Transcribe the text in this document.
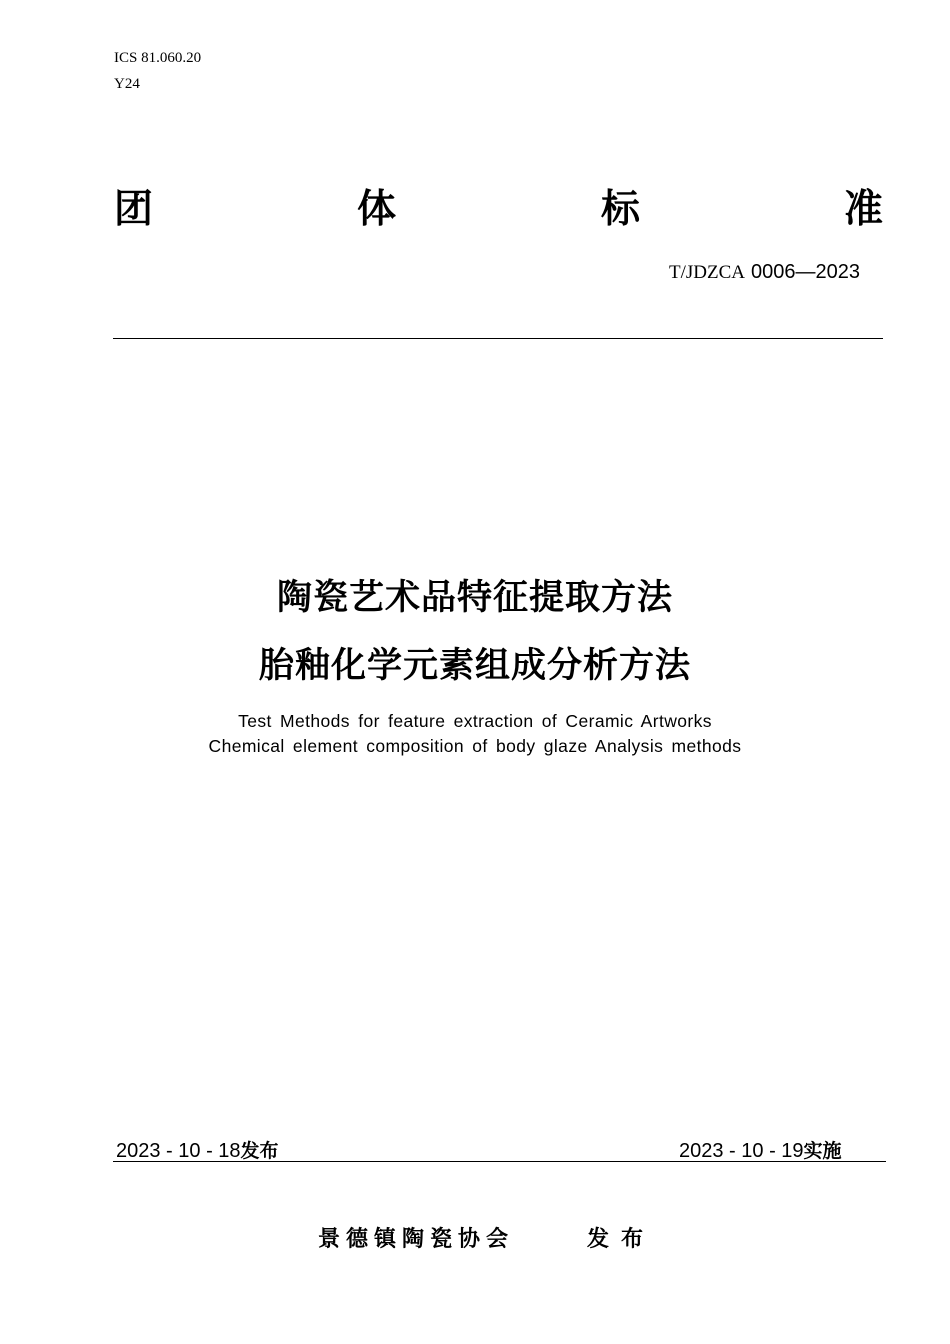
ICS 81.060.20
Y24
团	体	标	准
T/JDZCA 0006—2023
陶瓷艺术品特征提取方法
胎釉化学元素组成分析方法
Test Methods for feature extraction of Ceramic Artworks
Chemical element composition of body glaze Analysis methods
2023 - 10 - 18发布	2023 - 10 - 19实施
景德镇陶瓷协会	发布
